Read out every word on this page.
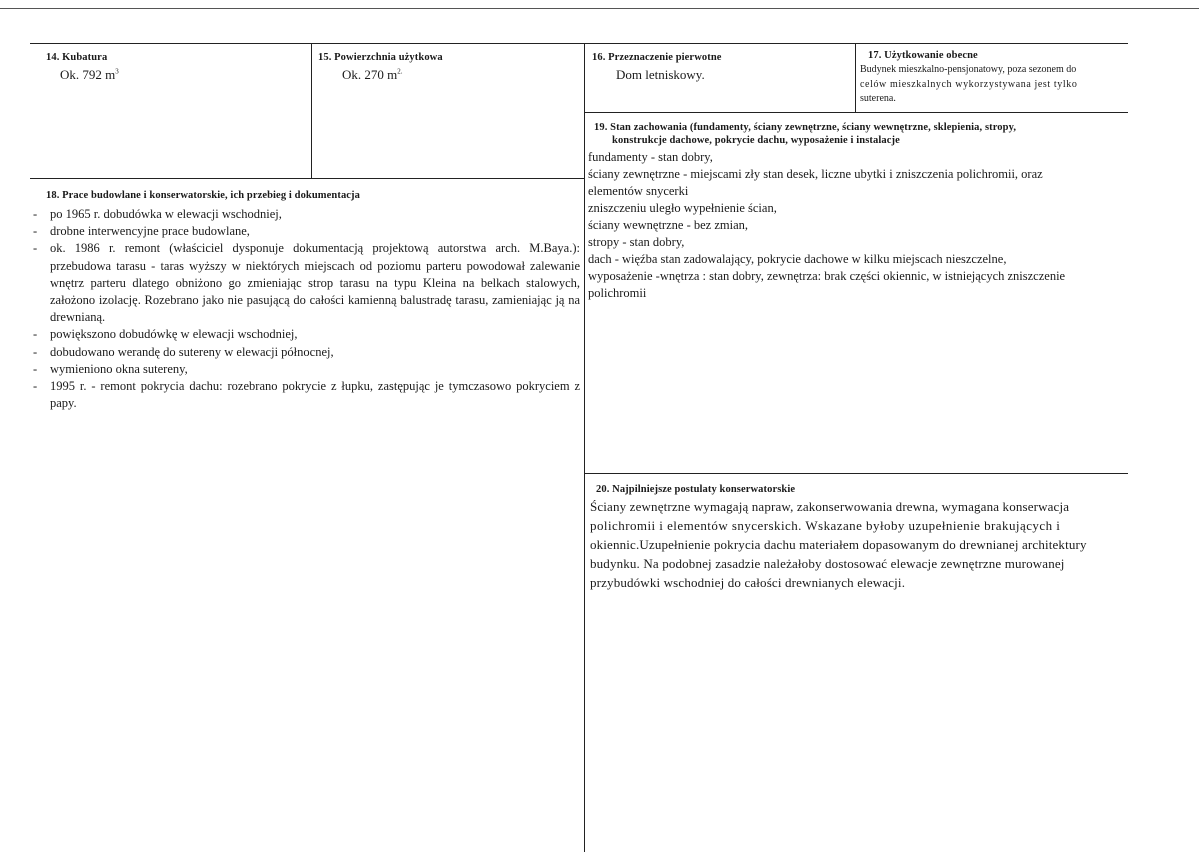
14. Kubatura
Ok. 792 $m^3$
15. Powierzchnia użytkowa
Ok. 270 $m^{2.}$
16. Przeznaczenie pierwotne
Dom letniskowy.
17. Użytkowanie obecne
Budynek mieszkalno-pensjonatowy, poza sezonem do
celów mieszkalnych wykorzystywana jest tylko
suterena.
18. Prace budowlane i konserwatorskie, ich przebieg i dokumentacja
- po 1965 r. dobudówka w elewacji wschodniej,
- drobne interwencyjne prace budowlane,
- ok. 1986 r. remont (właściciel dysponuje dokumentacją projektową autorstwa arch. M.Baya.): przebudowa tarasu - taras wyższy w niektórych miejscach od poziomu parteru powodował zalewanie wnętrz parteru dlatego obniżono go zmieniając strop tarasu na typu Kleina na belkach stalowych, założono izolację. Rozebrano jako nie pasującą do całości kamienną balustradę tarasu, zamieniając ją na drewnianą.
- powiększono dobudówkę w elewacji wschodniej,
- dobudowano werandę do sutereny w elewacji północnej,
- wymieniono okna sutereny,
- 1995 r. - remont pokrycia dachu: rozebrano pokrycie z łupku, zastępując je tymczasowo pokryciem z papy.
19. Stan zachowania (fundamenty, ściany zewnętrzne, ściany wewnętrzne, sklepienia, stropy,
konstrukcje dachowe, pokrycie dachu, wyposażenie i instalacje
fundamenty - stan dobry,
ściany zewnętrzne - miejscami zły stan desek, liczne ubytki i zniszczenia polichromii, oraz
elementów snycerki
zniszczeniu uległo wypełnienie ścian,
ściany wewnętrzne - bez zmian,
stropy - stan dobry,
dach - więźba stan zadowalający, pokrycie dachowe w kilku miejscach nieszczelne,
wyposażenie -wnętrza : stan dobry, zewnętrza: brak części okiennic, w istniejących zniszczenie
polichromii
20. Najpilniejsze postulaty konserwatorskie
Ściany zewnętrzne wymagają napraw, zakonserwowania drewna, wymagana konserwacja
polichromii i elementów snycerskich. Wskazane byłoby uzupełnienie brakujących i
okiennic.Uzupełnienie pokrycia dachu materiałem dopasowanym do drewnianej architektury
budynku. Na podobnej zasadzie należałoby dostosować elewacje zewnętrzne murowanej
przybudówki wschodniej do całości drewnianych elewacji.
